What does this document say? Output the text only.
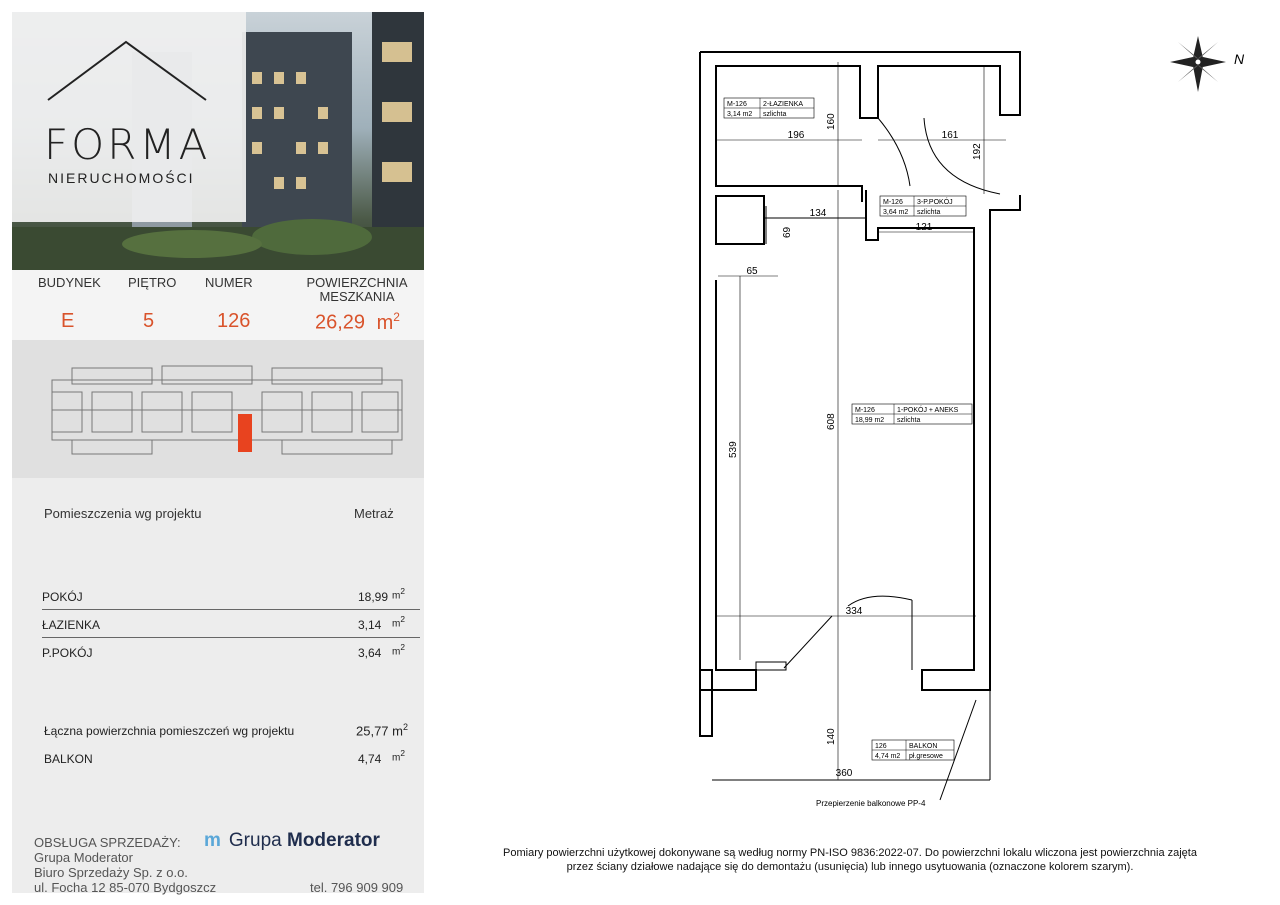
FORMA
NIERUCHOMOŚCI
BUDYNEK PIĘTRO NUMER	POWIERZCHNIA
MESZKANIA
E	5	126	26,29 $m^2$
Pomieszczenia wg projektu	Metraż
POKÓJ	18,99 $m^2$
ŁAZIENKA	3,14 $m^2$
P.POKÓJ	3,64 $m^2$
Łączna powierzchnia pomieszczeń wg projektu	25,77 $m^2$
BALKON	4,74 $m^2$
OBSŁUGA SPRZEDAŻY:
Grupa Moderator
Biuro Sprzedaży Sp. z o.o.
ul. Focha 12 85-070 Bydgoszcz	tel. 796 909 909
m Grupa Moderator
N
196
160
161
192
134
121
69
65
539
608
334
140
360
M-126 2-ŁAZIENKA
3,14 m2 szlichta
M-126 3-P.POKÓJ
3,64 m2 szlichta
M-126	1-POKÓJ + ANEKS
18,99 m2 szlichta
126	BALKON
4,74 m2 pł.gresowe
Przepierzenie balkonowe PP-4
Pomiary powierzchni użytkowej dokonywane są według normy PN-ISO 9836:2022-07. Do powierzchni lokalu wliczona jest powierzchnia zajęta
przez ściany działowe nadające się do demontażu (usunięcia) lub innego usytuowania (oznaczone kolorem szarym).
